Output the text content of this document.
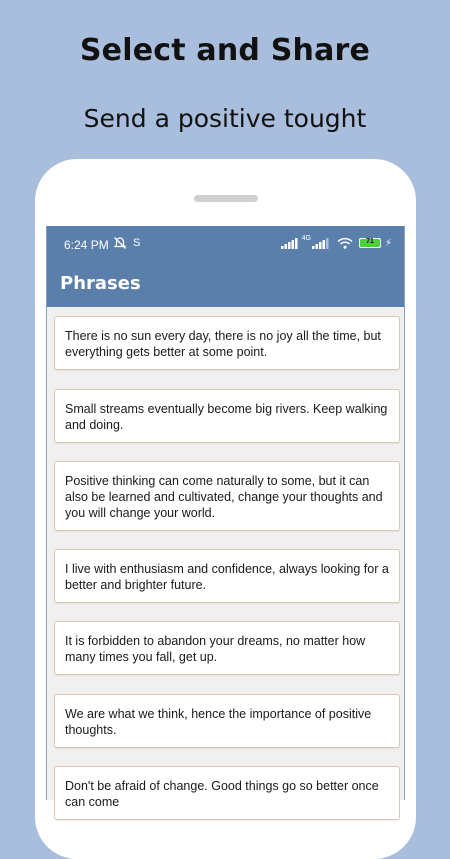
Select and Share
Send a positive tought
6:24 PM S	4G	71	⚡
Phrases
There is no sun every day, there is no joy all the time, but everything gets better at some point.
Small streams eventually become big rivers. Keep walking and doing.
Positive thinking can come naturally to some, but it can also be learned and cultivated, change your thoughts and you will change your world.
I live with enthusiasm and confidence, always looking for a better and brighter future.
It is forbidden to abandon your dreams, no matter how many times you fall, get up.
We are what we think, hence the importance of positive thoughts.
Don't be afraid of change. Good things go so better once can come
